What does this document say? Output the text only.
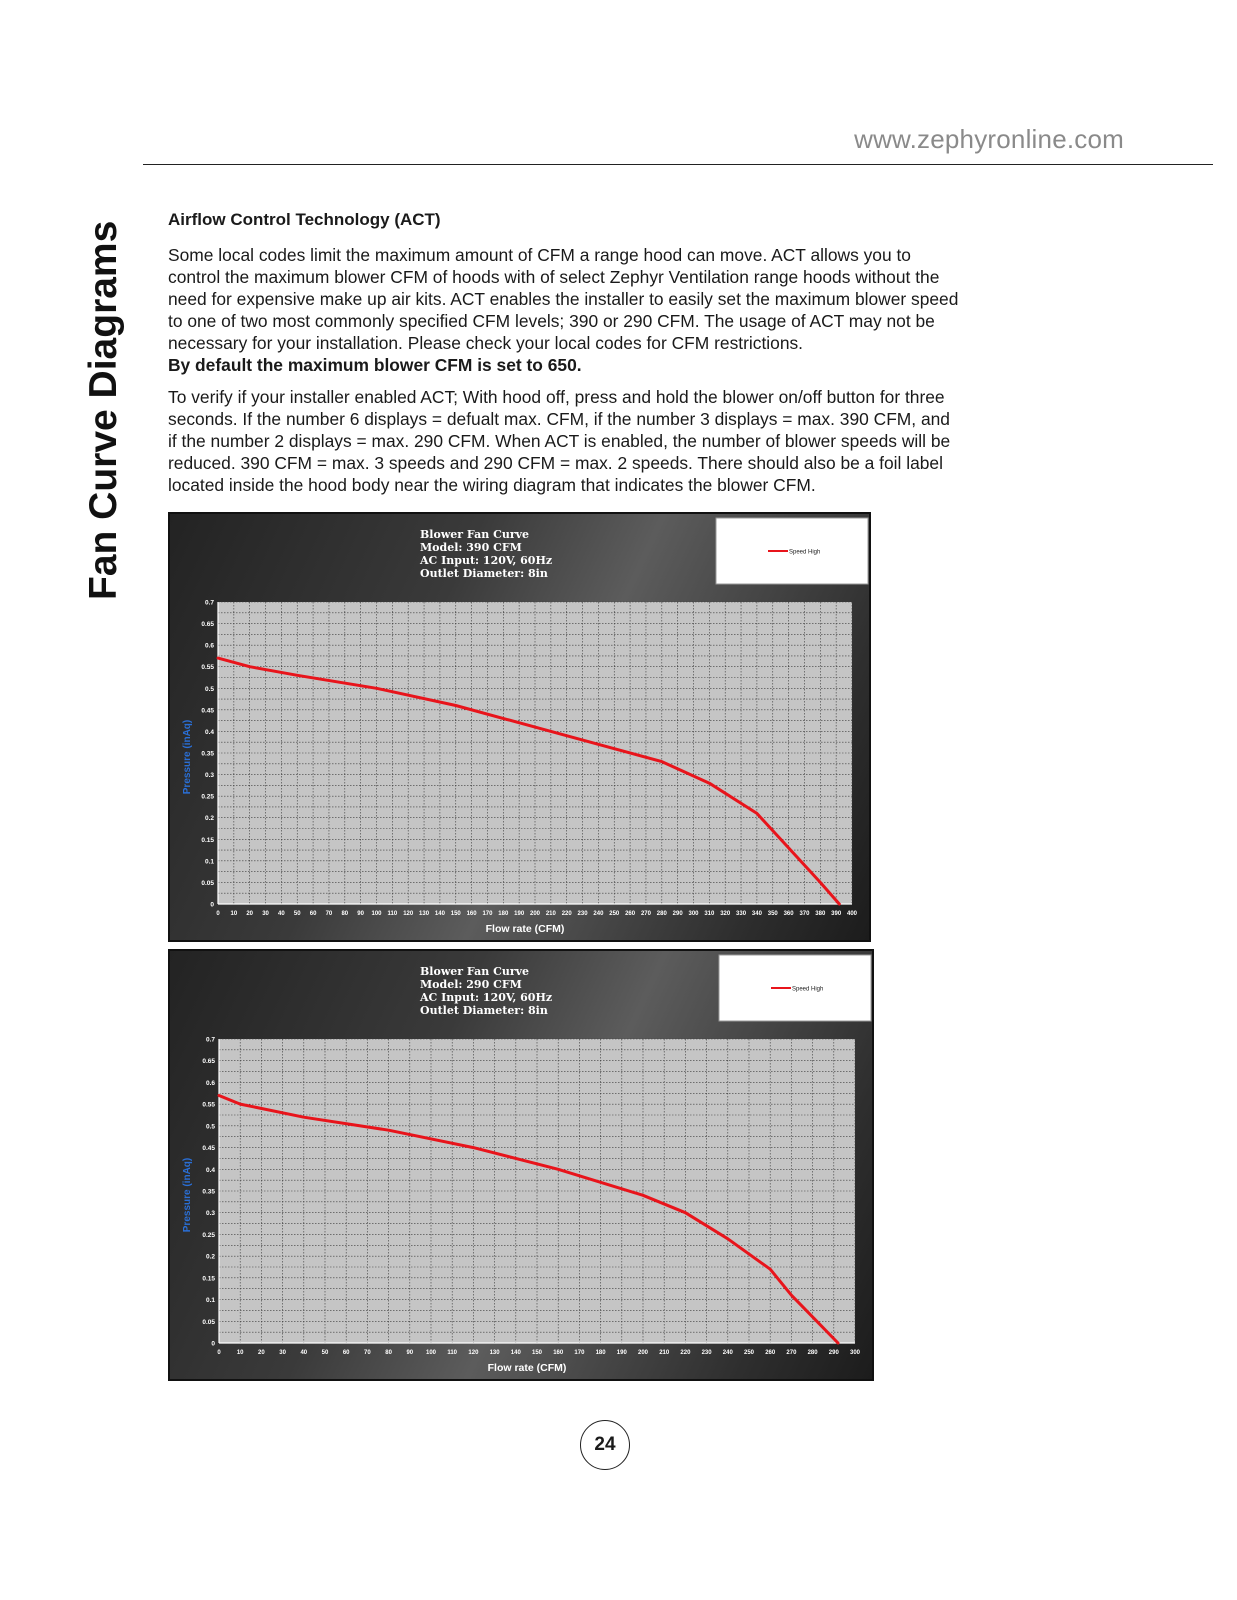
www.zephyronline.com
Fan Curve Diagrams
Airflow Control Technology (ACT)

Some local codes limit the maximum amount of CFM a range hood can move. ACT allows you to

control the maximum blower CFM of hoods with of select Zephyr Ventilation range hoods without the

need for expensive make up air kits. ACT enables the installer to easily set the maximum blower speed

to one of two most commonly specified CFM levels; 390 or 290 CFM. The usage of ACT may not be

necessary for your installation. Please check your local codes for CFM restrictions.

By default the maximum blower CFM is set to 650.

To verify if your installer enabled ACT; With hood off, press and hold the blower on/off button for three

seconds. If the number 6 displays = defualt max. CFM, if the number 3 displays = max. 390 CFM, and

if the number 2 displays = max. 290 CFM. When ACT is enabled, the number of blower speeds will be

reduced. 390 CFM = max. 3 speeds and 290 CFM = max. 2 speeds. There should also be a foil label

located inside the hood body near the wiring diagram that indicates the blower CFM.

Blower Fan Curve
Model: 390 CFM
AC Input: 120V, 60Hz
Outlet Diameter: 8in
Speed High
0
0.05
0.1
0.15
0.2
0.25
0.3
0.35
0.4
0.45
0.5
0.55
0.6
0.65
0.7
0 10 20 30 40 50 60 70 80 90 100 110 120 130 140 150 160 170 180 190 200 210 220 230 240 250 260 270 280 290 300 310 320 330 340 350 360 370 380 390 400
Flow rate (CFM)
Pressure (inAq)
Blower Fan Curve
Model: 290 CFM
AC Input: 120V, 60Hz
Outlet Diameter: 8in
Speed High
0
0.05
0.1
0.15
0.2
0.25
0.3
0.35
0.4
0.45
0.5
0.55
0.6
0.65
0.7
0	10 20 30 40 50 60 70 80 90 100 110 120 130 140 150 160 170 180 190 200 210 220 230 240 250 260 270 280 290 300
Flow rate (CFM)
Pressure (inAq)
24
